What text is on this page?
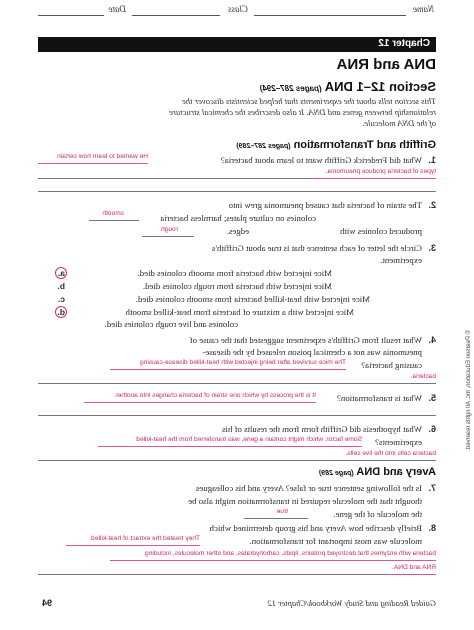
Name
Class
Date
Chapter 12
DNA and RNA
Section 12–1 DNA (pages 287–294)
This section tells about the experiments that helped scientists discover the
relationship between genes and DNA. It also describes the chemical structure
of the DNA molecule.
Griffith and Transformation (pages 287–289)
1.
What did Frederick Griffith want to learn about bacteria?
He wanted to learn how certain
types of bacteria produce pneumonia.
2.
The strain of bacteria that caused pneumonia grew into
smooth	colonies on culture plates; harmless bacteria
produced colonies with
rough	edges.
3.
Circle the letter of each sentence that is true about Griffith's
experiment.
a.	Mice injected with bacteria from smooth colonies died.
b.	Mice injected with bacteria from rough colonies died.
c.	Mice injected with heat-killed bacteria from smooth colonies died.
d.	Mice injected with a mixture of bacteria from heat-killed smooth
colonies and live rough colonies died.
4.
What result from Griffith's experiment suggested that the cause of
pneumonia was not a chemical poison released by the disease-
causing bacteria?
The mice survived after being injected with heat-killed disease-causing
bacteria.
5.
What is transformation?
It is the process by which one strain of bacteria changes into another.
6.
What hypothesis did Griffith form from the results of his
experiments?
Some factor, which might contain a gene, was transferred from the heat-killed
bacteria cells into the live cells.
Avery and DNA (page 289)
7.
Is the following sentence true or false? Avery and his colleagues
thought that the molecule required in transformation might also be
the molecule of the gene.
true
8.
Briefly describe how Avery and his group determined which
molecule was most important for transformation.
They treated the extract of heat-killed
bacteria with enzymes that destroyed proteins, lipids, carbohydrates, and other molecules, including
RNA and DNA.
© Pearson Education, Inc. All rights reserved.
Guided Reading and Study Workbook/Chapter 12
94
